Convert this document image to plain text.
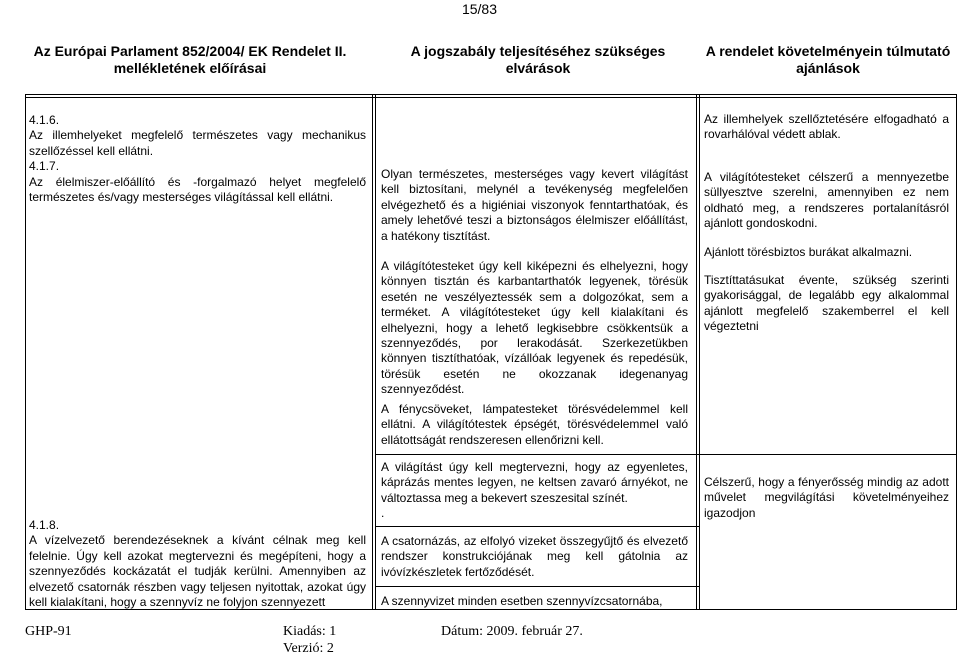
15/83
Az Európai Parlament 852/2004/ EK Rendelet II. mellékletének előírásai
A jogszabály teljesítéséhez szükséges elvárások
A rendelet követelményein túlmutató ajánlások
4.1.6.
Az illemhelyeket megfelelő természetes vagy mechanikus szellőzéssel kell ellátni.
4.1.7.
Az élelmiszer-előállító és -forgalmazó helyet megfelelő természetes és/vagy mesterséges világítással kell ellátni.
4.1.8.
A vízelvezető berendezéseknek a kívánt célnak meg kell felelnie. Úgy kell azokat megtervezni és megépíteni, hogy a szennyeződés kockázatát el tudják kerülni. Amennyiben az elvezető csatornák részben vagy teljesen nyitottak, azokat úgy kell kialakítani, hogy a szennyvíz ne folyjon szennyezett
Olyan természetes, mesterséges vagy kevert világítást kell biztosítani, melynél a tevékenység megfelelően elvégezhető és a higiéniai viszonyok fenntarthatóak, és amely lehetővé teszi a biztonságos élelmiszer előállítást, a hatékony tisztítást.
A világítótesteket úgy kell kiképezni és elhelyezni, hogy könnyen tisztán és karbantarthatók legyenek, törésük esetén ne veszélyeztessék sem a dolgozókat, sem a terméket. A világítótesteket úgy kell kialakítani és elhelyezni, hogy a lehető legkisebbre csökkentsük a szennyeződés, por lerakodását. Szerkezetükben könnyen tisztíthatóak, vízállóak legyenek és repedésük, törésük esetén ne okozzanak idegenanyag szennyeződést.
A fénycsöveket, lámpatesteket törésvédelemmel kell ellátni. A világítótestek épségét, törésvédelemmel való ellátottságát rendszeresen ellenőrizni kell.
A világítást úgy kell megtervezni, hogy az egyenletes, káprázás mentes legyen, ne keltsen zavaró árnyékot, ne változtassa meg a bekevert szeszesital színét.
.
A csatornázás, az elfolyó vizeket összegyűjtő és elvezető rendszer konstrukciójának meg kell gátolnia az ivóvízkészletek fertőződését.
A szennyvizet minden esetben szennyvízcsatornába,
Az illemhelyek szellőztetésére elfogadható a rovarhálóval védett ablak.
A világítótesteket célszerű a mennyezetbe süllyesztve szerelni, amennyiben ez nem oldható meg, a rendszeres portalanításról ajánlott gondoskodni.
Ajánlott törésbiztos burákat alkalmazni.
Tisztíttatásukat évente, szükség szerinti gyakorisággal, de legalább egy alkalommal ajánlott megfelelő szakemberrel el kell végeztetni
Célszerű, hogy a fényerősség mindig az adott művelet megvilágítási követelményeihez igazodjon
GHP-91	Kiadás: 1
Verzió: 2
Dátum: 2009. február 27.
